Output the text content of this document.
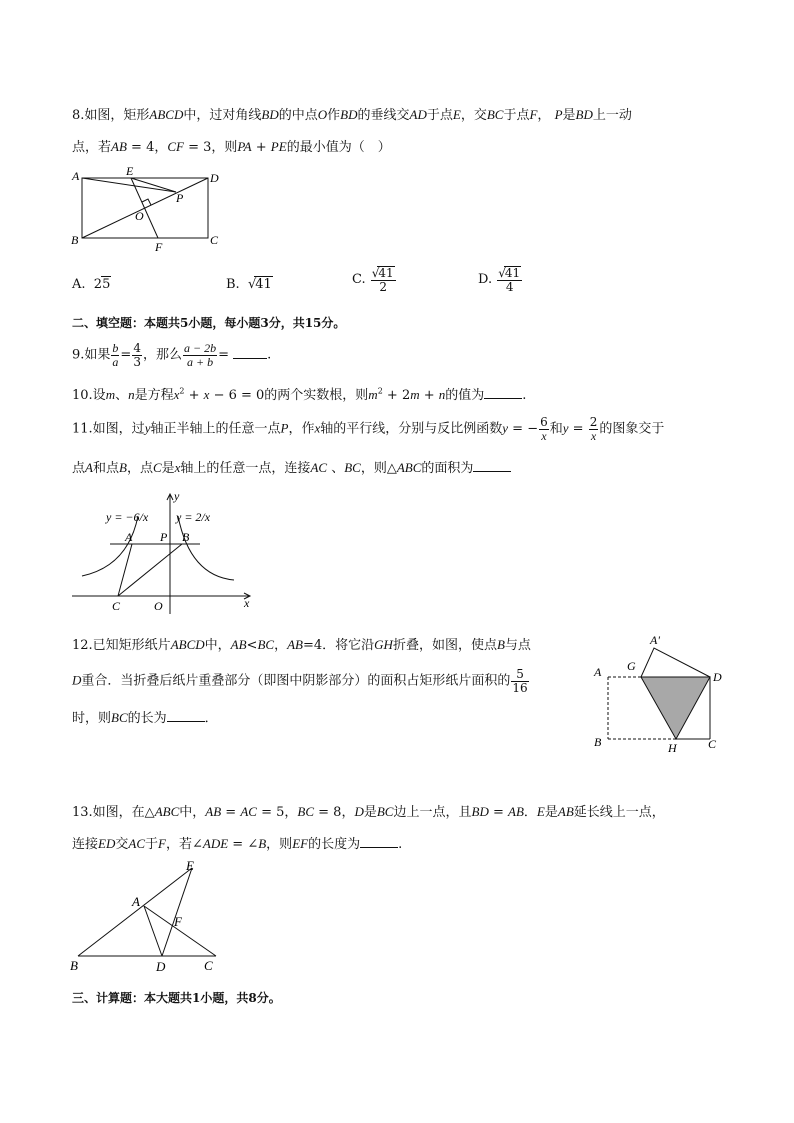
8.如图，矩形ABCD中，过对角线BD的中点O作BD的垂线交AD于点E，交BC于点F， P是BD上一动
点，若AB = 4，CF = 3，则PA + PE的最小值为（　）
A	E	D
P
O
B	F	C
A.  25	B.  √41	C. $\frac{√41}{2}$	D. $\frac{√41}{4}$
二、填空题：本题共5小题，每小题3分，共15分。
9.如果 $\frac{b}{a} = \frac{4}{3}$ ，那么 $\frac{a - 2b}{a + b}$ =	.
10.设m、n是方程$x^2 + x - 6 = 0$的两个实数根，则$m^2 + 2m + n$的值为	.
11.如图，过y轴正半轴上的任意一点P，作x轴的平行线，分别与反比例函数y = − $\frac{6}{x}$ 和$y = \frac{2}{x}$ 的图象交于
点A和点B，点C是x轴上的任意一点，连接AC 、BC，则△ABC的面积为
y = −6/x y = 2/x
y
A P B
C	O	x
12.已知矩形纸片ABCD中，AB<BC，AB=4．将它沿GH折叠，如图，使点B与点
D重合．当折叠后纸片重叠部分（即图中阴影部分）的面积占矩形纸片面积的 $\frac{5}{16}$
时，则BC的长为	．
A'
A G
D
B	H	C
13.如图，在△ABC中，AB = AC = 5，BC = 8，D是BC边上一点，且BD = AB．E是AB延长线上一点，
连接ED交AC于F，若∠ADE = ∠B，则EF的长度为	.
E
A
F
B	D	C
三、计算题：本大题共1小题，共8分。
